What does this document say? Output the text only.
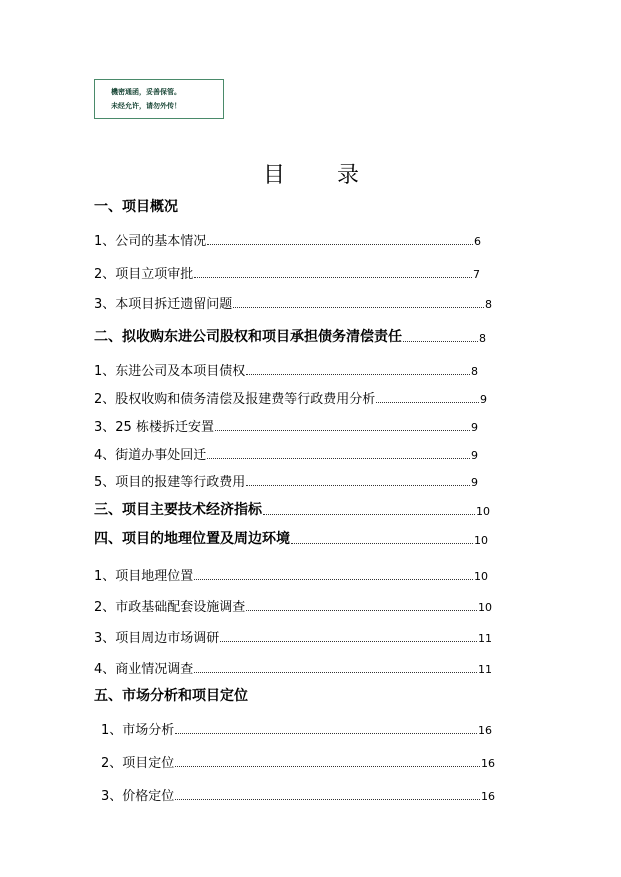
機密通函，妥善保管。
未经允许，请勿外传！
目 录
一、项目概况
1、公司的基本情况	6
2、项目立项审批	7
3、本项目拆迁遗留问题	8
二、拟收购东进公司股权和项目承担债务清偿责任	8
1、东进公司及本项目债权	8
2、股权收购和债务清偿及报建费等行政费用分析	9
3、25 栋楼拆迁安置	9
4、街道办事处回迁	9
5、项目的报建等行政费用	9
三、项目主要技术经济指标	10
四、项目的地理位置及周边环境	10
1、项目地理位置	10
2、市政基础配套设施调查	10
3、项目周边市场调研	11
4、商业情况调查	11
五、市场分析和项目定位
1、市场分析	16
2、项目定位	16
3、价格定位	16
